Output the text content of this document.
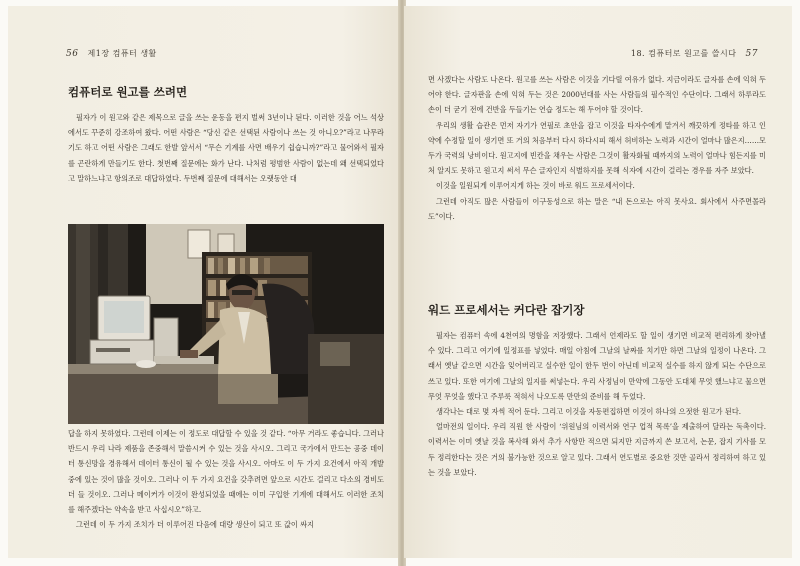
56 제1장 컴퓨터 생활
컴퓨터로 원고를 쓰려면

필자가 이 원고와 같은 제목으로 글을 쓰는 운동을 편지 벌써 3년이나 된다. 이러한 것을 어느 석상에서도 꾸준히 강조하여 왔다. 어떤 사람은 “당신 같은 선택된 사람이나 쓰는 것 아니오?”라고 나무라기도 하고 어떤 사람은 그래도 한발 앞서서 “무슨 기계를 사면 배우기 쉽습니까?”라고 물어와서 필자를 곤란하게 만들기도 한다. 첫번째 질문에는 화가 난다. 나처럼 평범한 사람이 없는데 왜 선택되었다고 말하느냐고 항의조로 대답하였다. 두번째 질문에 대해서는 오랫동안 대

답을 하지 못하였다. 그런데 이제는 이 정도로 대답할 수 있을 것 같다. “아무 거라도 좋습니다. 그러나 반드시 우리 나라 제품을 존중해서 말씀시켜 수 있는 것을 사시오. 그리고 국가에서 만드는 공중 데이터 통신망을 경유해서 데이터 통신이 될 수 있는 것을 사시오. 아마도 이 두 가지 요건에서 아직 개발중에 있는 것이 많을 것이오. 그러나 이 두 가지 요건을 갖추려면 앞으로 시간도 걸리고 다소의 경비도 더 들 것이오. 그러나 메이커가 이것이 완성되었을 때에는 이미 구입한 기계에 대해서도 이러한 조치를 해주겠다는 약속을 받고 사십시오”하고.

그런데 이 두 가지 조치가 더 이루어진 다음에 대량 생산이 되고 또 값이 싸지

18. 컴퓨터로 원고를 쓸시다 57

면 사겠다는 사람도 나온다. 원고를 쓰는 사람은 이것을 기다릴 여유가 없다. 지금이라도 글자를 손에 익혀 두어야 한다. 글자판을 손에 익혀 두는 것은 2000년대를 사는 사람들의 필수적인 수단이다. 그래서 하루라도 손이 더 굳기 전에 건반을 두들기는 연습 정도는 해 두어야 할 것이다.

우리의 생활 습관은 먼저 자기가 연필로 초안을 잡고 이것을 타자수에게 맡겨서 깨끗하게 정타를 하고 인약에 수정할 일이 생기면 또 거의 처음부터 다시 하다시피 해서 허비하는 노력과 시간이 얼마나 많은지……모두가 국력의 낭비이다. 원고지에 빈칸을 채우는 사람은 그것이 활자화될 때까지의 노력이 얼마나 힘든지를 미처 알지도 못하고 원고지 써서 무슨 글자인지 식별하지를 못해 식자에 시간이 걸리는 경우를 자주 보았다.

이것을 일원되게 이루어지게 하는 것이 바로 워드 프로세서이다.

그런데 아직도 많은 사람들이 이구동성으로 하는 말은 “내 돈으로는 아직 못사요. 회사에서 사주면몰라도”이다.

워드 프로세서는 커다란 잡기장

필자는 컴퓨터 속에 4천여의 명함을 저장했다. 그래서 언제라도 할 일이 생기면 비교적 편리하게 찾아낼 수 있다. 그리고 여기에 일정표를 넣었다. 매일 아침에 그날의 날짜를 치기만 하면 그날의 일정이 나온다. 그래서 옛날 같으면 시간을 잊어버리고 실수한 일이 한두 번이 아닌데 비교적 실수를 하지 않게 되는 수단으로 쓰고 있다. 또한 여기에 그날의 일지를 써넣는다. 우리 사정님이 만약에 그동안 도대체 무엇 했느냐고 물으면 무엇 무엇을 했다고 주루룩 적혀서 나오도록 만만의 준비를 해 두었다.

생각나는 대로 몇 자씩 적어 둔다. 그리고 이것을 자동편집하면 이것이 하나의 으젓한 원고가 된다.

얼마전의 일이다. 우리 직원 한 사람이 ‘위원님의 이력서와 연구 업적 목록’을 제출하여 달라는 독촉이다. 이력서는 이미 옛날 것을 복사해 와서 추가 사항만 적으면 되지만 지금까지 쓴 보고서, 논문, 잡지 기사를 모두 정리한다는 것은 거의 불가능한 것으로 알고 있다. 그래서 연도별로 중요한 것만 골라서 정리하여 하고 있는 것을 보았다.
